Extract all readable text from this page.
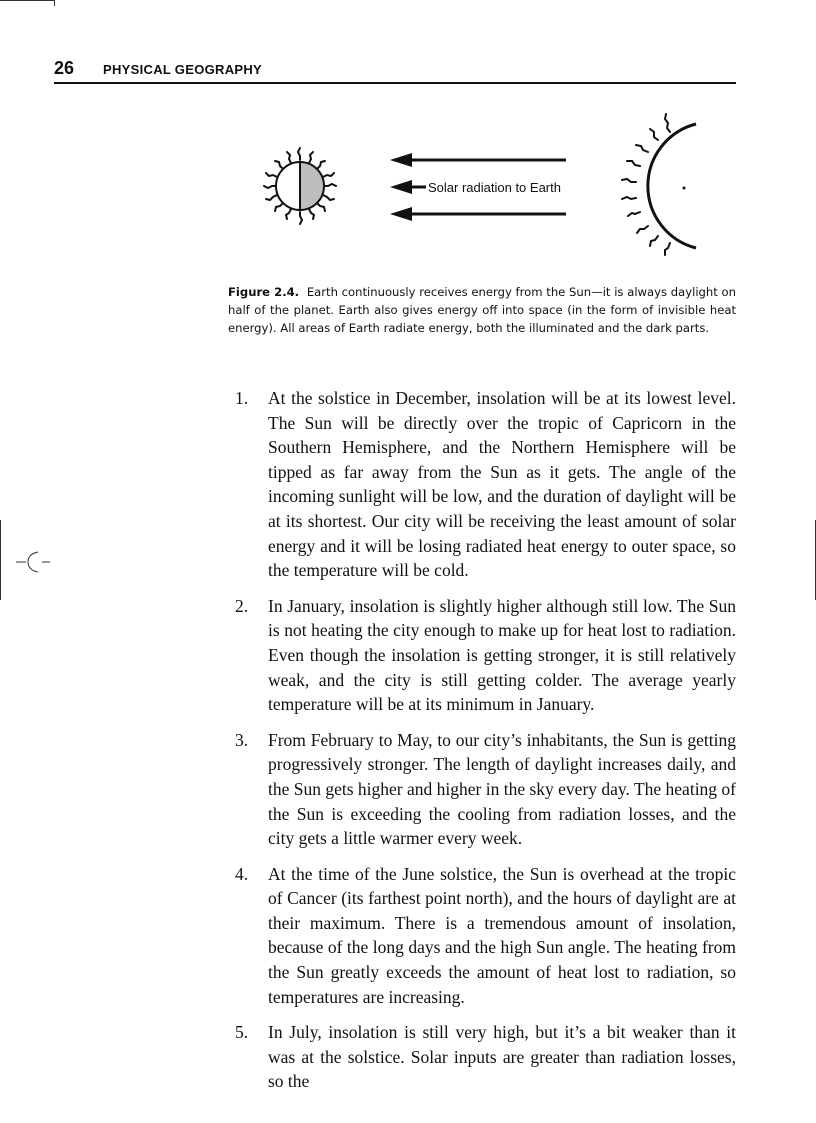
26 PHYSICAL GEOGRAPHY
Solar radiation to Earth
Figure 2.4. Earth continuously receives energy from the Sun—it is always daylight on half of the planet. Earth also gives energy off into space (in the form of invisible heat energy). All areas of Earth radiate energy, both the illuminated and the dark parts.
1. At the solstice in December, insolation will be at its lowest level. The Sun will be directly over the tropic of Capricorn in the Southern Hemisphere, and the Northern Hemisphere will be tipped as far away from the Sun as it gets. The angle of the incoming sunlight will be low, and the duration of daylight will be at its shortest. Our city will be receiving the least amount of solar energy and it will be losing radiated heat energy to outer space, so the temperature will be cold.
2. In January, insolation is slightly higher although still low. The Sun is not heating the city enough to make up for heat lost to radiation. Even though the insolation is getting stronger, it is still relatively weak, and the city is still getting colder. The average yearly temperature will be at its minimum in January.
3. From February to May, to our city’s inhabitants, the Sun is getting progressively stronger. The length of daylight increases daily, and the Sun gets higher and higher in the sky every day. The heating of the Sun is exceeding the cooling from radiation losses, and the city gets a little warmer every week.
4. At the time of the June solstice, the Sun is overhead at the tropic of Cancer (its farthest point north), and the hours of daylight are at their maximum. There is a tremendous amount of insolation, because of the long days and the high Sun angle. The heating from the Sun greatly exceeds the amount of heat lost to radiation, so temperatures are increasing.
5. In July, insolation is still very high, but it’s a bit weaker than it was at the solstice. Solar inputs are greater than radiation losses, so the
